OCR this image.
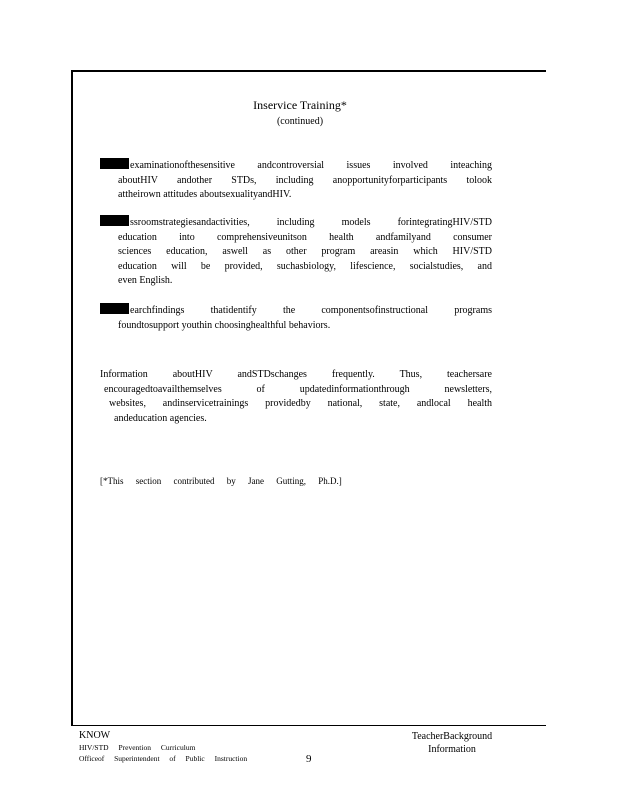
Inservice Training*
(continued)
examinationofthesensitive andcontroversial issues involved inteaching
aboutHIV andother STDs, including anopportunityforparticipants tolook
attheirown attitudes aboutsexualityandHIV.
ssroomstrategiesandactivities, including models forintegratingHIV/STD
education into comprehensiveunitson health andfamilyand consumer
sciences education, aswell as other program areasin which HIV/STD
education will be provided, suchasbiology, lifescience, socialstudies, and
even English.
earchfindings thatidentify the componentsofinstructional programs
foundtosupport youthin choosinghealthful behaviors.
Information aboutHIV andSTDschanges frequently. Thus, teachersare
encouragedtoavailthemselves of updatedinformationthrough newsletters,
websites, andinservicetrainings providedby national, state, andlocal health
andeducation agencies.
[*This section contributed by Jane Gutting, Ph.D.]
KNOW
HIV/STD Prevention Curriculum
Officeof Superintendent of Public Instruction
TeacherBackground
Information
9
